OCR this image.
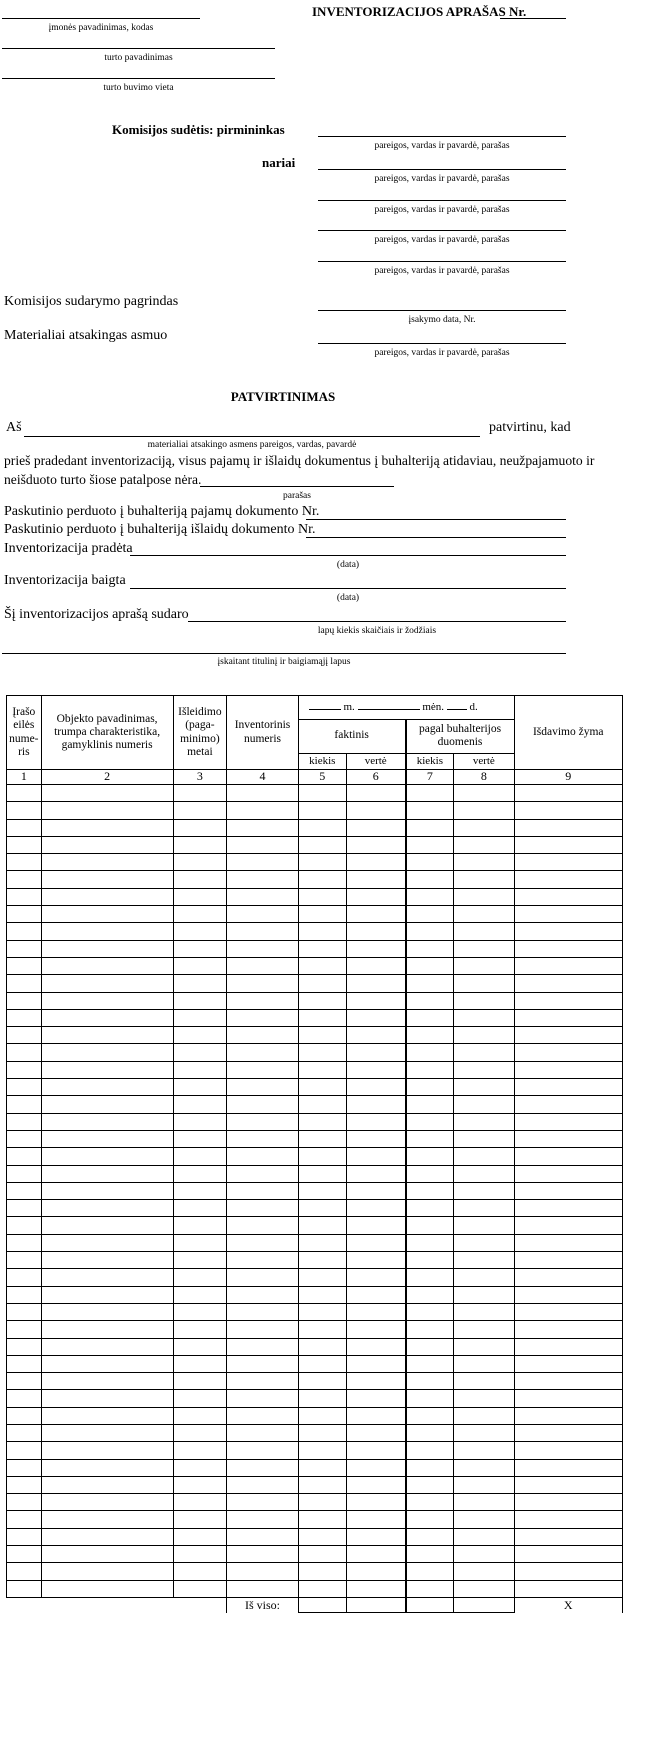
įmonės pavadinimas, kodas
INVENTORIZACIJOS APRAŠAS Nr.
turto pavadinimas
turto buvimo vieta
Komisijos sudėtis: pirmininkas
pareigos, vardas ir pavardė, parašas
nariai
pareigos, vardas ir pavardė, parašas
pareigos, vardas ir pavardė, parašas
pareigos, vardas ir pavardė, parašas
pareigos, vardas ir pavardė, parašas
Komisijos sudarymo pagrindas
įsakymo data, Nr.
Materialiai atsakingas asmuo
pareigos, vardas ir pavardė, parašas
PATVIRTINIMAS
Aš	patvirtinu, kad
materialiai atsakingo asmens pareigos, vardas, pavardė
prieš pradedant inventorizaciją, visus pajamų ir išlaidų dokumentus į buhalteriją atidaviau, neužpajamuoto ir
neišduoto turto šiose patalpose nėra.
parašas
Paskutinio perduoto į buhalteriją pajamų dokumento Nr.
Paskutinio perduoto į buhalteriją išlaidų dokumento Nr.
Inventorizacija pradėta
(data)
Inventorizacija baigta
(data)
Šį inventorizacijos aprašą sudaro
lapų kiekis skaičiais ir žodžiais
įskaitant titulinį ir baigiamąjį lapus
Įrašo eilės nume-ris	Objekto pavadinimas, trumpa charakteristika, gamyklinis numeris	Išleidimo (paga-minimo) metai	Inventorinis numeris	m. mėn. d.				Išdavimo žyma
				faktinis		pagal buhalterijos duomenis		
				kiekis	vertė	kiekis	vertė	
1	2	3	4	5	6	7	8	9

			Iš viso:					X
